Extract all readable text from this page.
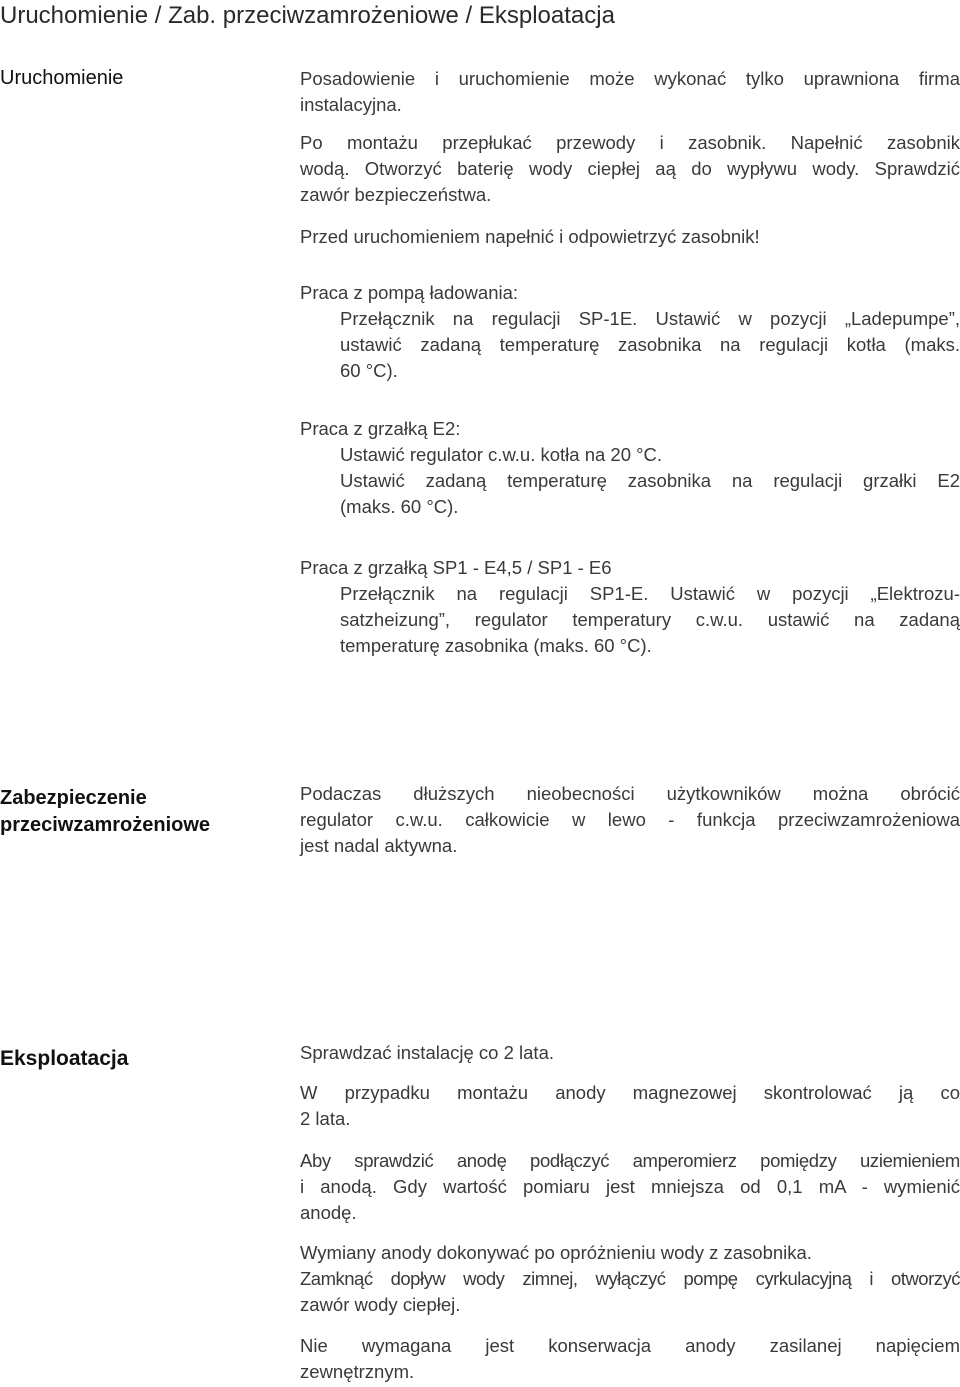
Uruchomienie / Zab. przeciwzamrożeniowe / Eksploatacja
Uruchomienie	Posadowienie i uruchomienie może wykonać tylko uprawniona firma

instalacyjna.

Po montażu przepłukać przewody i zasobnik. Napełnić zasobnik

wodą. Otworzyć baterię wody ciepłej aą do wypływu wody. Sprawdzić

zawór bezpieczeństwa.

Przed uruchomieniem napełnić i odpowietrzyć zasobnik!

Praca z pompą ładowania:

Przełącznik na regulacji SP-1E. Ustawić w pozycji „Ladepumpe”,

ustawić zadaną temperaturę zasobnika na regulacji kotła (maks.

60 °C).

Praca z grzałką E2:

Ustawić regulator c.w.u. kotła na 20 °C.

Ustawić zadaną temperaturę zasobnika na regulacji grzałki E2

(maks. 60 °C).

Praca z grzałką SP1 - E4,5 / SP1 - E6

Przełącznik na regulacji SP1-E. Ustawić w pozycji „Elektrozu-

satzheizung”, regulator temperatury c.w.u. ustawić na zadaną

temperaturę zasobnika (maks. 60 °C).

Zabezpieczenie
przeciwzamrożeniowe

Podaczas dłuższych nieobecności użytkowników można obrócić

regulator c.w.u. całkowicie w lewo - funkcja przeciwzamrożeniowa

jest nadal aktywna.

Eksploatacja	Sprawdzać instalację co 2 lata.

W przypadku montażu anody magnezowej skontrolować ją co

2 lata.

Aby sprawdzić anodę podłączyć amperomierz pomiędzy uziemieniem

i anodą. Gdy wartość pomiaru jest mniejsza od 0,1 mA - wymienić

anodę.

Wymiany anody dokonywać po opróżnieniu wody z zasobnika.

Zamknąć dopływ wody zimnej, wyłączyć pompę cyrkulacyjną i otworzyć

zawór wody ciepłej.

Nie wymagana jest konserwacja anody zasilanej napięciem

zewnętrznym.
